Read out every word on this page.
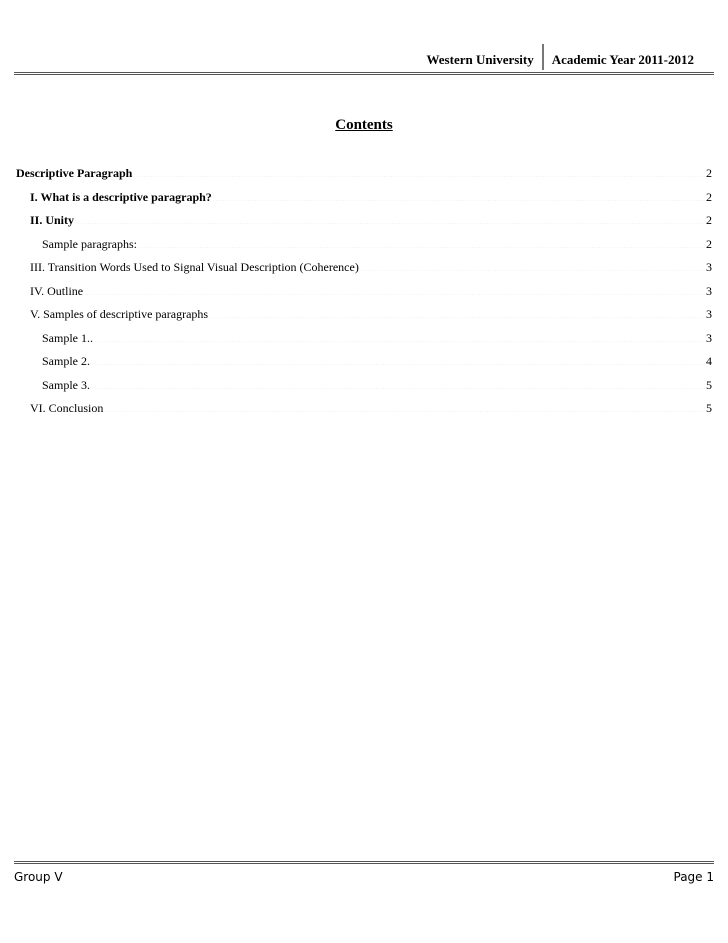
Western University	Academic Year 2011-2012
Contents
Descriptive Paragraph .....	2
I. What is a descriptive paragraph? .....	2
II. Unity .....	2
Sample paragraphs: .....	2
III. Transition Words Used to Signal Visual Description (Coherence) .....	3
IV. Outline .....	3
V. Samples of descriptive paragraphs .....	3
Sample 1.. .....	3
Sample 2. .....	4
Sample 3. .....	5
VI. Conclusion .....	5
Group V	Page 1
